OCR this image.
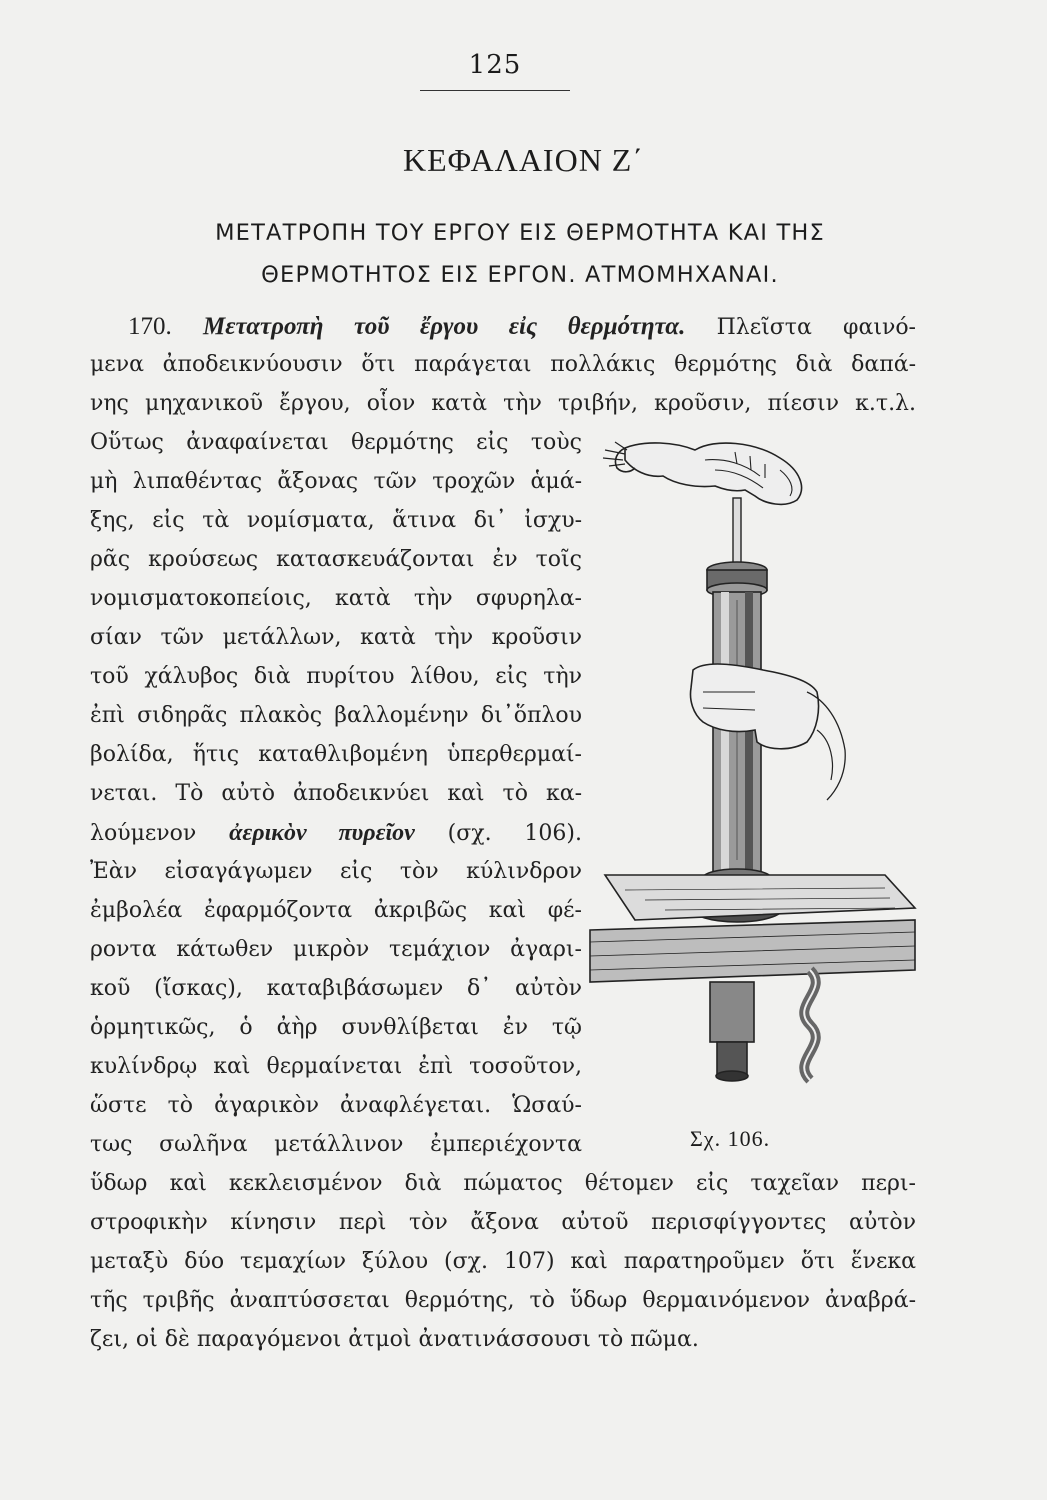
125
ΚΕΦΑΛΑΙΟΝ Ζ΄
ΜΕΤΑΤΡΟΠΗ ΤΟΥ ΕΡΓΟΥ ΕΙΣ ΘΕΡΜΟΤΗΤΑ ΚΑΙ ΤΗΣ
ΘΕΡΜΟΤΗΤΟΣ ΕΙΣ ΕΡΓΟΝ. ΑΤΜΟΜΗΧΑΝΑΙ.
170. Μετατροπὴ τοῦ ἔργου εἰς θερμότητα. Πλεῖστα φαινό-
μενα ἀποδεικνύουσιν ὅτι παράγεται πολλάκις θερμότης διὰ δαπά-
νης μηχανικοῦ ἔργου, οἷον κατὰ τὴν τριβήν, κροῦσιν, πίεσιν κ.τ.λ.
Οὕτως ἀναφαίνεται θερμότης εἰς τοὺς
μὴ λιπαθέντας ἄξονας τῶν τροχῶν ἁμά-
ξης, εἰς τὰ νομίσματα, ἅτινα δι᾽ ἰσχυ-
ρᾶς κρούσεως κατασκευάζονται ἐν τοῖς
νομισματοκοπείοις, κατὰ τὴν σφυρηλα-
σίαν τῶν μετάλλων, κατὰ τὴν κροῦσιν
τοῦ χάλυβος διὰ πυρίτου λίθου, εἰς τὴν
ἐπὶ σιδηρᾶς πλακὸς βαλλομένην δι᾽ὅπλου
βολίδα, ἥτις καταθλιβομένη ὑπερθερμαί-
νεται. Τὸ αὐτὸ ἀποδεικνύει καὶ τὸ κα-
λούμενον ἀερικὸν πυρεῖον (σχ. 106).
Ἐὰν εἰσαγάγωμεν εἰς τὸν κύλινδρον
ἐμβολέα ἐφαρμόζοντα ἀκριβῶς καὶ φέ-
ροντα κάτωθεν μικρὸν τεμάχιον ἀγαρι-
κοῦ (ἴσκας), καταβιβάσωμεν δ᾽ αὐτὸν
ὁρμητικῶς, ὁ ἀὴρ συνθλίβεται ἐν τῷ
κυλίνδρῳ καὶ θερμαίνεται ἐπὶ τοσοῦτον,
ὥστε τὸ ἀγαρικὸν ἀναφλέγεται. Ὡσαύ-
τως σωλῆνα μετάλλινον ἐμπεριέχοντα
ὕδωρ καὶ κεκλεισμένον διὰ πώματος θέτομεν εἰς ταχεῖαν περι-
στροφικὴν κίνησιν περὶ τὸν ἄξονα αὐτοῦ περισφίγγοντες αὐτὸν
μεταξὺ δύο τεμαχίων ξύλου (σχ. 107) καὶ παρατηροῦμεν ὅτι ἕνεκα
τῆς τριβῆς ἀναπτύσσεται θερμότης, τὸ ὕδωρ θερμαινόμενον ἀναβρά-
ζει, οἱ δὲ παραγόμενοι ἀτμοὶ ἀνατινάσσουσι τὸ πῶμα.
Σχ. 106.
